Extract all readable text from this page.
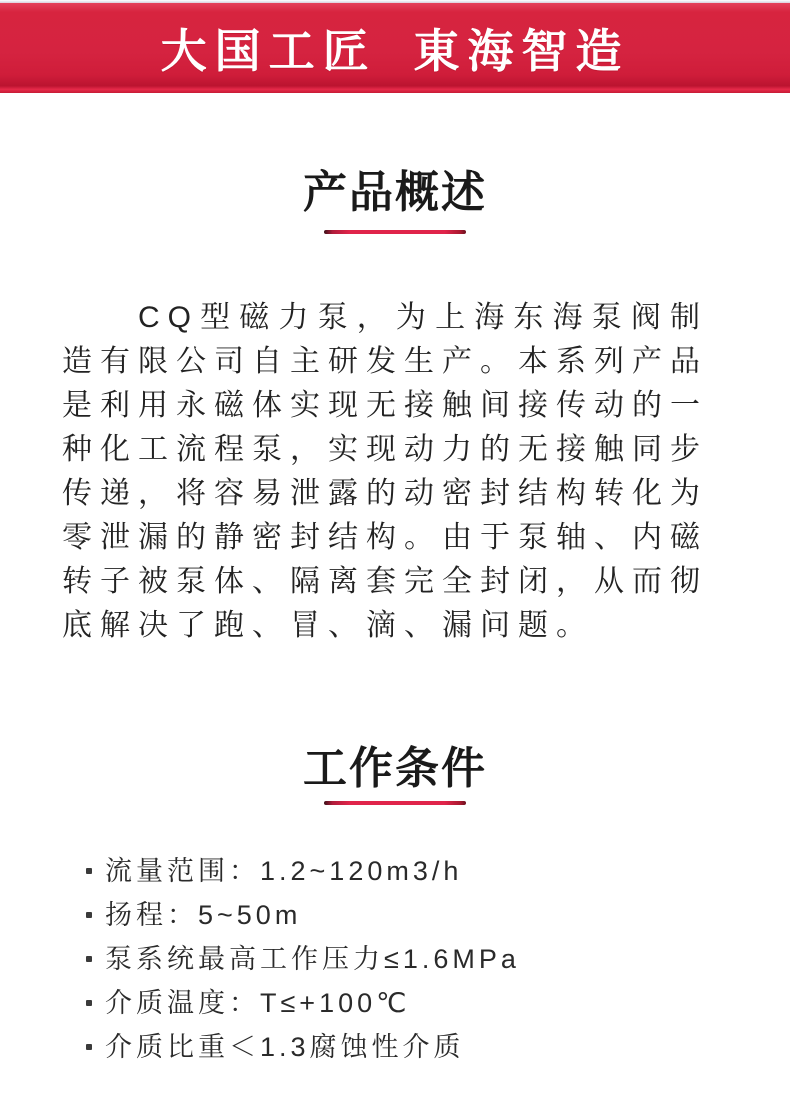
大国工匠 東海智造
产品概述

CQ型磁力泵，为上海东海泵阀制造有限公司自主研发生产。本系列产品是利用永磁体实现无接触间接传动的一种化工流程泵，实现动力的无接触同步传递，将容易泄露的动密封结构转化为零泄漏的静密封结构。由于泵轴、内磁转子被泵体、隔离套完全封闭，从而彻底解决了跑、冒、滴、漏问题。

工作条件
流量范围：1.2~120m3/h
扬程：5~50m
泵系统最高工作压力≤1.6MPa
介质温度：T≤+100℃
介质比重＜1.3腐蚀性介质
